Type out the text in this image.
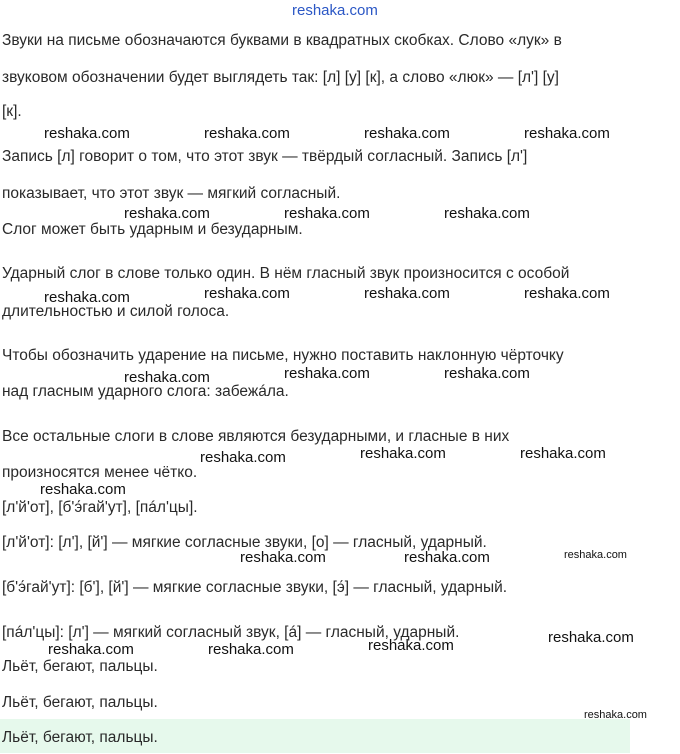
Звуки на письме обозначаются буквами в квадратных скобках. Слово «лук» в

звуковом обозначении будет выглядеть так: [л] [у] [к], а слово «люк» — [л'] [у]

[к].

Запись [л] говорит о том, что этот звук — твёрдый согласный. Запись [л']

показывает, что этот звук — мягкий согласный.

Слог может быть ударным и безударным.

Ударный слог в слове только один. В нём гласный звук произносится с особой

длительностью и силой голоса.

Чтобы обозначить ударение на письме, нужно поставить наклонную чёрточку

над гласным ударного слога: забежáла.

Все остальные слоги в слове являются безударными, и гласные в них

произносятся менее чётко.

[л'й'от], [б'э́гай'ут], [пáл'цы].

[л'й'от]: [л'], [й'] — мягкие согласные звуки, [о] — гласный, ударный.

[б'э́гай'ут]: [б'], [й'] — мягкие согласные звуки, [э́] — гласный, ударный.

[пáл'цы]: [л'] — мягкий согласный звук, [á] — гласный, ударный.

Льёт, бегают, пальцы.

Льёт, бегают, пальцы.

Льёт, бегают, пальцы.

reshaka.com
reshaka.com	reshaka.com	reshaka.com	reshaka.com
reshaka.com	reshaka.com	reshaka.com
reshaka.com	reshaka.com	reshaka.com	reshaka.com
reshaka.com	reshaka.com	reshaka.com
reshaka.com	reshaka.com	reshaka.com
reshaka.com
reshaka.com	reshaka.com	reshaka.com
reshaka.com	reshaka.com
reshaka.com	reshaka.com
reshaka.com
